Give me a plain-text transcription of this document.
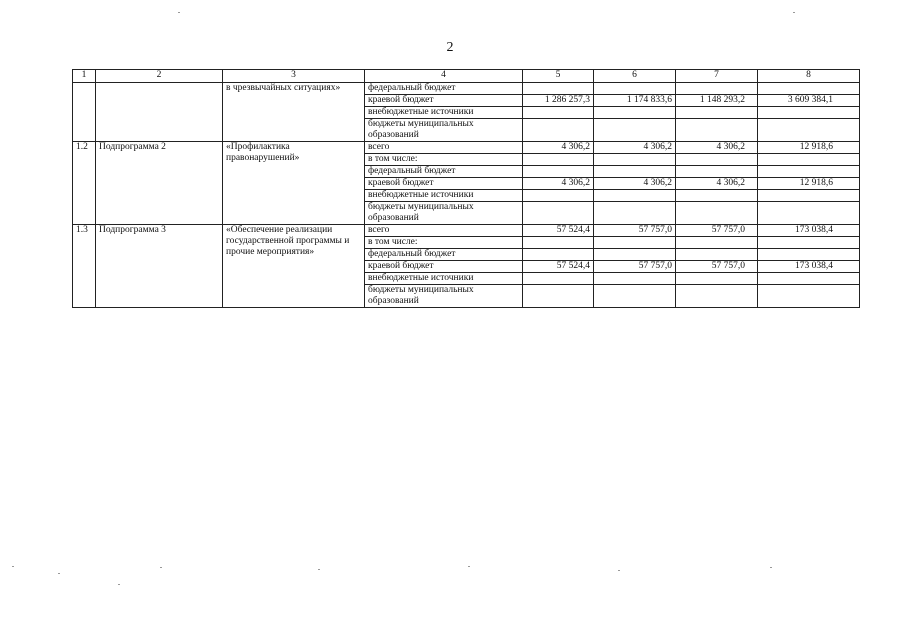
2
1	2	3	4	5	6	7	8
		в чрезвычайных ситуациях»	федеральный бюджет				
			краевой бюджет	1 286 257,3	1 174 833,6	1 148 293,2	3 609 384,1
			внебюджетные источники				
			бюджеты муниципальных образований				
1.2	Подпрограмма 2	«Профилактика правонарушений»	всего	4 306,2	4 306,2	4 306,2	12 918,6
			в том числе:				
			федеральный бюджет				
			краевой бюджет	4 306,2	4 306,2	4 306,2	12 918,6
			внебюджетные источники				
			бюджеты муниципальных образований				
1.3	Подпрограмма 3	«Обеспечение реализации государственной программы и прочие мероприятия»	всего	57 524,4	57 757,0	57 757,0	173 038,4
			в том числе:				
			федеральный бюджет				
			краевой бюджет	57 524,4	57 757,0	57 757,0	173 038,4
			внебюджетные источники				
			бюджеты муниципальных образований				
